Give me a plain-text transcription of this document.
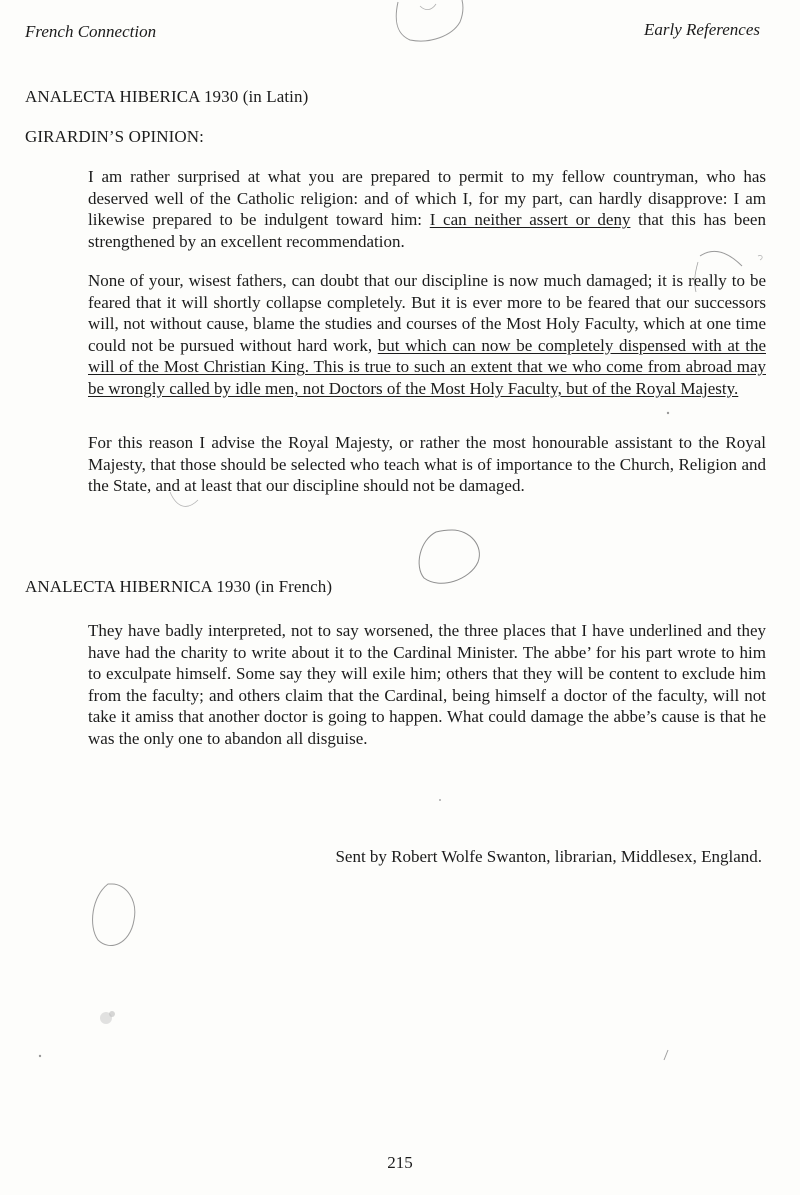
French Connection	Early References
ANALECTA HIBERICA 1930 (in Latin)
GIRARDIN’S OPINION:

I am rather surprised at what you are prepared to permit to my fellow countryman, who has deserved well of the Catholic religion: and of which I, for my part, can hardly disapprove: I am likewise prepared to be indulgent toward him: I can neither assert or deny that this has been strengthened by an excellent recommendation.

None of your, wisest fathers, can doubt that our discipline is now much damaged; it is really to be feared that it will shortly collapse completely. But it is ever more to be feared that our successors will, not without cause, blame the studies and courses of the Most Holy Faculty, which at one time could not be pursued without hard work, but which can now be completely dispensed with at the will of the Most Christian King. This is true to such an extent that we who come from abroad may be wrongly called by idle men, not Doctors of the Most Holy Faculty, but of the Royal Majesty.

For this reason I advise the Royal Majesty, or rather the most honourable assistant to the Royal Majesty, that those should be selected who teach what is of importance to the Church, Religion and the State, and at least that our discipline should not be damaged.

ANALECTA HIBERNICA 1930 (in French)

They have badly interpreted, not to say worsened, the three places that I have underlined and they have had the charity to write about it to the Cardinal Minister. The abbe’ for his part wrote to him to exculpate himself. Some say they will exile him; others that they will be content to exclude him from the faculty; and others claim that the Cardinal, being himself a doctor of the faculty, will not take it amiss that another doctor is going to happen. What could damage the abbe’s cause is that he was the only one to abandon all disguise.

Sent by Robert Wolfe Swanton, librarian, Middlesex, England.
215
